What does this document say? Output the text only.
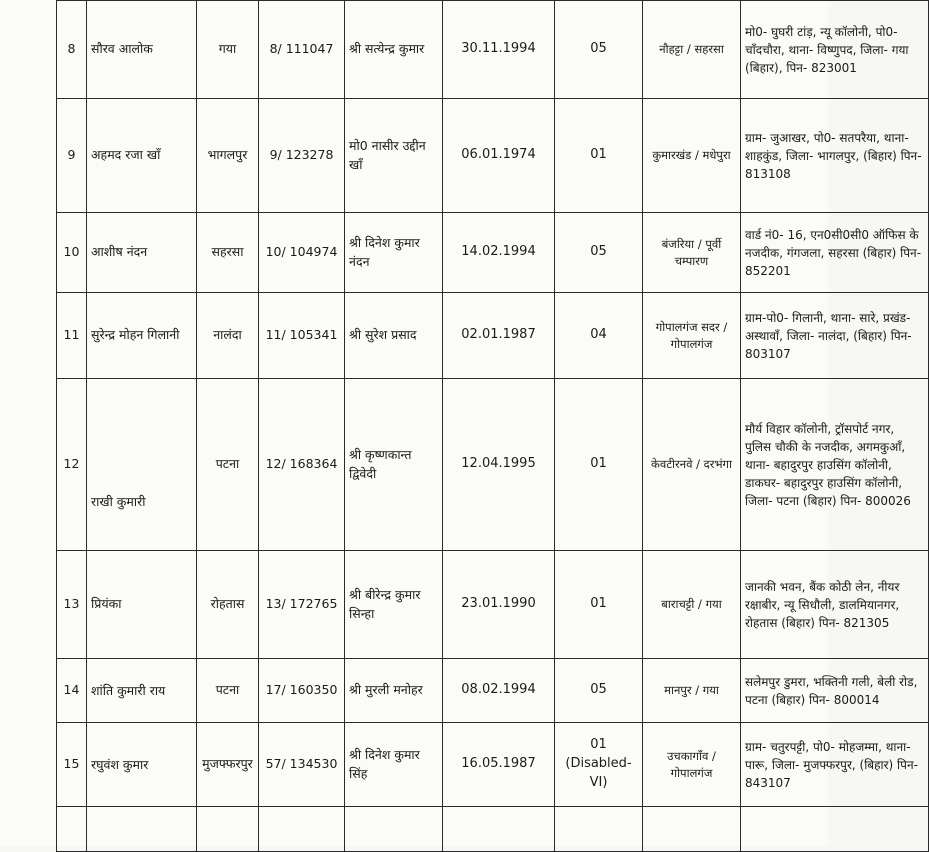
8	सौरव आलोक	गया	8/ 111047	श्री सत्येन्द्र कुमार	30.11.1994	05	नौहट्टा / सहरसा	मो0- घुघरी टांड़, न्यू कॉलोनी, पो0- चॉंदचौरा, थाना- विष्णुपद, जिला- गया (बिहार), पिन- 823001
9	अहमद रजा खॉं	भागलपुर	9/ 123278	मो0 नासीर उद्दीन खॉं	06.01.1974	01	कुमारखंड / मधेपुरा	ग्राम- जुआखर, पो0- सतपरैया, थाना- शाहकुंड, जिला- भागलपुर, (बिहार) पिन- 813108
10	आशीष नंदन	सहरसा	10/ 104974	श्री दिनेश कुमार नंदन	14.02.1994	05	बंजरिया / पूर्वी चम्पारण	वार्ड नं0- 16, एन0सी0सी0 ऑफिस के नजदीक, गंगजला, सहरसा (बिहार) पिन- 852201
11	सुरेन्द्र मोहन गिलानी	नालंदा	11/ 105341	श्री सुरेश प्रसाद	02.01.1987	04	गोपालगंज सदर / गोपालगंज	ग्राम-पो0- गिलानी, थाना- सारे, प्रखंड- अस्थावॉं, जिला- नालंदा, (बिहार) पिन- 803107
12	राखी कुमारी	पटना	12/ 168364	श्री कृष्णकान्त द्विवेदी	12.04.1995	01	केवटीरनवे / दरभंगा	मौर्य विहार कॉलोनी, ट्रॉसपोर्ट नगर, पुलिस चौकी के नजदीक, अगमकुऑं, थाना- बहादुरपुर हाउसिंग कॉलोनी, डाकघर- बहादुरपुर हाउसिंग कॉलोनी, जिला- पटना (बिहार) पिन- 800026
13	प्रियंका	रोहतास	13/ 172765	श्री बीरेन्द्र कुमार सिन्हा	23.01.1990	01	बाराचट्टी / गया	जानकी भवन, बैंक कोठी लेन, नीयर रक्षाबीर, न्यू सिधौली, डालमियानगर, रोहतास (बिहार) पिन- 821305
14	शांति कुमारी राय	पटना	17/ 160350	श्री मुरली मनोहर	08.02.1994	05	मानपुर / गया	सलेमपुर डुमरा, भक्तिनी गली, बेली रोड, पटना (बिहार) पिन- 800014
15	रघुवंश कुमार	मुजफ्फरपुर	57/ 134530	श्री दिनेश कुमार सिंह	16.05.1987	01 (Disabled- VI)	उचकागॉंव / गोपालगंज	ग्राम- चतुरपट्टी, पो0- मोहजम्मा, थाना- पारू, जिला- मुजफ्फरपुर, (बिहार) पिन- 843107
